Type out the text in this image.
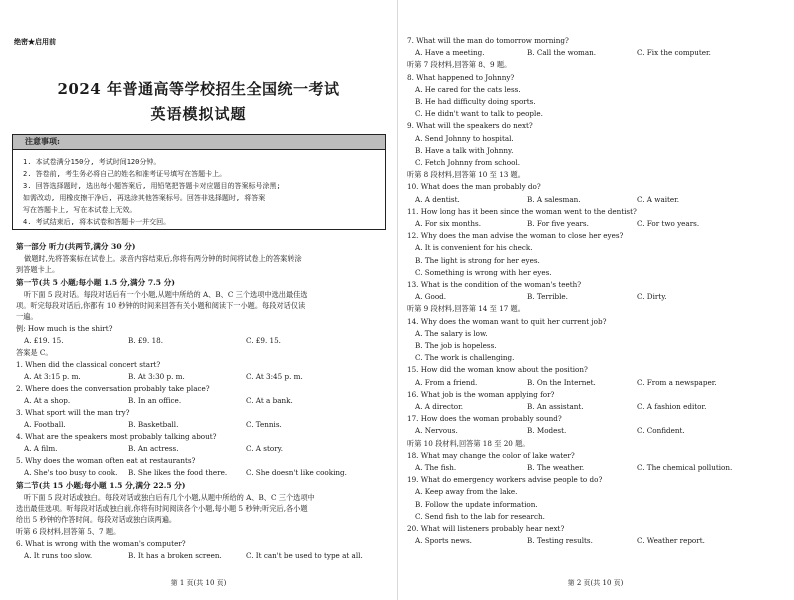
绝密★启用前
2024 年普通高等学校招生全国统一考试
英语模拟试题
注意事项:
1. 本试卷满分150分, 考试时间120分钟。
2. 答卷前, 考生务必将自己的姓名和准考证号填写在答题卡上。
3. 回答选择题时, 选出每小题答案后, 用铅笔把答题卡对应题目的答案标号涂黑;
如需改动, 用橡皮擦干净后, 再选涂其他答案标号。回答非选择题时, 将答案
写在答题卡上, 写在本试卷上无效。
4. 考试结束后, 将本试卷和答题卡一并交回。
第一部分 听力(共两节,满分 30 分)
做题时,先将答案标在试卷上。录音内容结束后,你将有两分钟的时间将试卷上的答案转涂
到答题卡上。
第一节(共 5 小题;每小题 1.5 分,满分 7.5 分)
听下面 5 段对话。每段对话后有一个小题,从题中所给的 A、B、C 三个选项中选出最佳选
项。听完每段对话后,你都有 10 秒钟的时间来回答有关小题和阅读下一小题。每段对话仅读
一遍。
例: How much is the shirt?
A. £19. 15.	B. £9. 18.	C. £9. 15.
答案是 C。
1. When did the classical concert start?
A. At 3:15 p. m.	B. At 3:30 p. m.	C. At 3:45 p. m.
2. Where does the conversation probably take place?
A. At a shop.	B. In an office.	C. At a bank.
3. What sport will the man try?
A. Football.	B. Basketball.	C. Tennis.
4. What are the speakers most probably talking about?
A. A film.	B. An actress.	C. A story.
5. Why does the woman often eat at restaurants?
A. She's too busy to cook. B. She likes the food there.	C. She doesn't like cooking.
第二节(共 15 小题;每小题 1.5 分,满分 22.5 分)
听下面 5 段对话或独白。每段对话或独白后有几个小题,从题中所给的 A、B、C 三个选项中
选出最佳选项。听每段对话或独白前,你将有时间阅读各个小题,每小题 5 秒钟;听完后,各小题
给出 5 秒钟的作答时间。每段对话或独白读两遍。
听第 6 段材料,回答第 5、7 题。
6. What is wrong with the woman's computer?
A. It runs too slow.	B. It has a broken screen.	C. It can't be used to type at all.
第 1 页(共 10 页)
7. What will the man do tomorrow morning?
A. Have a meeting.	B. Call the woman.	C. Fix the computer.
听第 7 段材料,回答第 8、9 题。
8. What happened to Johnny?
A. He cared for the cats less.
B. He had difficulty doing sports.
C. He didn't want to talk to people.
9. What will the speakers do next?
A. Send Johnny to hospital.
B. Have a talk with Johnny.
C. Fetch Johnny from school.
听第 8 段材料,回答第 10 至 13 题。
10. What does the man probably do?
A. A dentist.	B. A salesman.	C. A waiter.
11. How long has it been since the woman went to the dentist?
A. For six months.	B. For five years.	C. For two years.
12. Why does the man advise the woman to close her eyes?
A. It is convenient for his check.
B. The light is strong for her eyes.
C. Something is wrong with her eyes.
13. What is the condition of the woman's teeth?
A. Good.	B. Terrible.	C. Dirty.
听第 9 段材料,回答第 14 至 17 题。
14. Why does the woman want to quit her current job?
A. The salary is low.
B. The job is hopeless.
C. The work is challenging.
15. How did the woman know about the position?
A. From a friend.	B. On the Internet.	C. From a newspaper.
16. What job is the woman applying for?
A. A director.	B. An assistant.	C. A fashion editor.
17. How does the woman probably sound?
A. Nervous.	B. Modest.	C. Confident.
听第 10 段材料,回答第 18 至 20 题。
18. What may change the color of lake water?
A. The fish.	B. The weather.	C. The chemical pollution.
19. What do emergency workers advise people to do?
A. Keep away from the lake.
B. Follow the update information.
C. Send fish to the lab for research.
20. What will listeners probably hear next?
A. Sports news.	B. Testing results.	C. Weather report.
第 2 页(共 10 页)
